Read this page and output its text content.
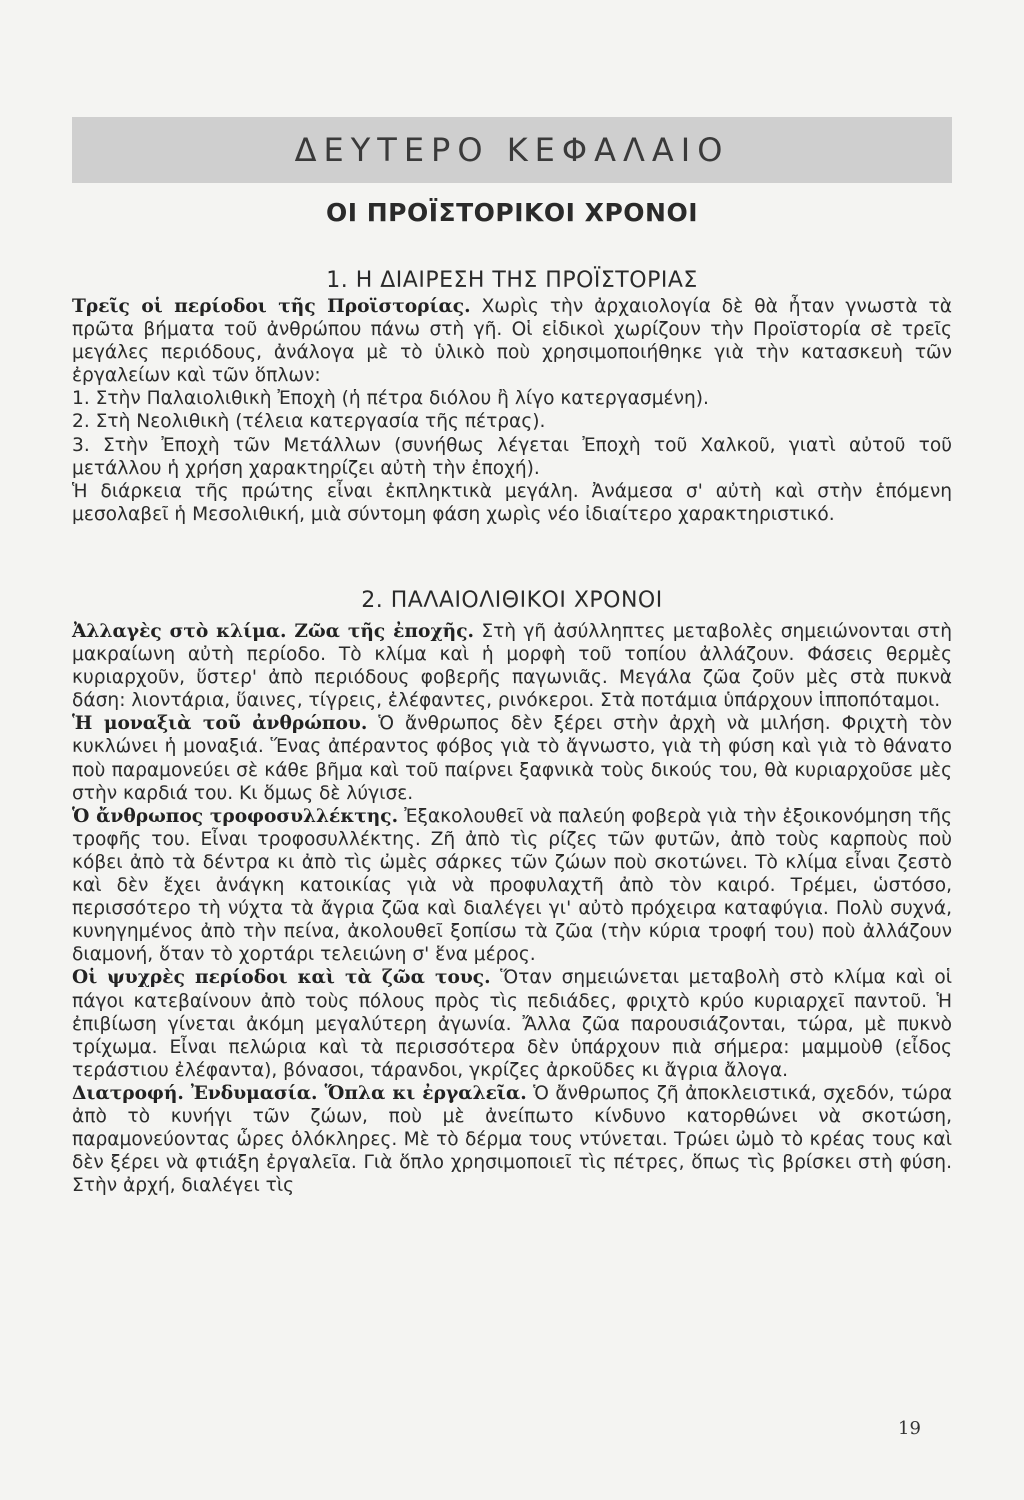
ΔΕΥΤΕΡΟ ΚΕΦΑΛΑΙΟ
ΟΙ ΠΡΟΪΣΤΟΡΙΚΟΙ ΧΡΟΝΟΙ
1. Η ΔΙΑΙΡΕΣΗ ΤΗΣ ΠΡΟΪΣΤΟΡΙΑΣ

Τρεῖς οἱ περίοδοι τῆς Προϊστορίας. Χωρὶς τὴν ἀρχαιολογία δὲ θὰ ἦταν γνωστὰ τὰ πρῶτα βήματα τοῦ ἀνθρώπου πάνω στὴ γῆ. Οἱ εἰδικοὶ χωρίζουν τὴν Προϊστορία σὲ τρεῖς μεγάλες περιόδους, ἀνάλογα μὲ τὸ ὑλικὸ ποὺ χρησιμοποιήθηκε γιὰ τὴν κατασκευὴ τῶν ἐργαλείων καὶ τῶν ὅπλων:

1. Στὴν Παλαιολιθικὴ Ἐποχὴ (ἡ πέτρα διόλου ἢ λίγο κατεργασμένη).

2. Στὴ Νεολιθικὴ (τέλεια κατεργασία τῆς πέτρας).

3. Στὴν Ἐποχὴ τῶν Μετάλλων (συνήθως λέγεται Ἐποχὴ τοῦ Χαλκοῦ, γιατὶ αὐτοῦ τοῦ μετάλλου ἡ χρήση χαρακτηρίζει αὐτὴ τὴν ἐποχή).

Ἡ διάρκεια τῆς πρώτης εἶναι ἐκπληκτικὰ μεγάλη. Ἀνάμεσα σ' αὐτὴ καὶ στὴν ἑπόμενη μεσολαβεῖ ἡ Μεσολιθική, μιὰ σύντομη φάση χωρὶς νέο ἰδιαίτερο χαρακτηριστικό.

2. ΠΑΛΑΙΟΛΙΘΙΚΟΙ ΧΡΟΝΟΙ

Ἀλλαγὲς στὸ κλίμα. Ζῶα τῆς ἐποχῆς. Στὴ γῆ ἀσύλληπτες μεταβολὲς σημειώνονται στὴ μακραίωνη αὐτὴ περίοδο. Τὸ κλίμα καὶ ἡ μορφὴ τοῦ τοπίου ἀλλάζουν. Φάσεις θερμὲς κυριαρχοῦν, ὕστερ' ἀπὸ περιόδους φοβερῆς παγωνιᾶς. Μεγάλα ζῶα ζοῦν μὲς στὰ πυκνὰ δάση: λιοντάρια, ὕαινες, τίγρεις, ἐλέφαντες, ρινόκεροι. Στὰ ποτάμια ὑπάρχουν ἱπποπόταμοι.

Ἡ μοναξιὰ τοῦ ἀνθρώπου. Ὁ ἄνθρωπος δὲν ξέρει στὴν ἀρχὴ νὰ μιλήση. Φριχτὴ τὸν κυκλώνει ἡ μοναξιά. Ἕνας ἀπέραντος φόβος γιὰ τὸ ἄγνωστο, γιὰ τὴ φύση καὶ γιὰ τὸ θάνατο ποὺ παραμονεύει σὲ κάθε βῆμα καὶ τοῦ παίρνει ξαφνικὰ τοὺς δικούς του, θὰ κυριαρχοῦσε μὲς στὴν καρδιά του. Κι ὅμως δὲ λύγισε.

Ὁ ἄνθρωπος τροφοσυλλέκτης. Ἐξακολουθεῖ νὰ παλεύη φοβερὰ γιὰ τὴν ἐξοικονόμηση τῆς τροφῆς του. Εἶναι τροφοσυλλέκτης. Ζῆ ἀπὸ τὶς ρίζες τῶν φυτῶν, ἀπὸ τοὺς καρποὺς ποὺ κόβει ἀπὸ τὰ δέντρα κι ἀπὸ τὶς ὠμὲς σάρκες τῶν ζώων ποὺ σκοτώνει. Τὸ κλίμα εἶναι ζεστὸ καὶ δὲν ἔχει ἀνάγκη κατοικίας γιὰ νὰ προφυλαχτῆ ἀπὸ τὸν καιρό. Τρέμει, ὡστόσο, περισσότερο τὴ νύχτα τὰ ἄγρια ζῶα καὶ διαλέγει γι' αὐτὸ πρόχειρα καταφύγια. Πολὺ συχνά, κυνηγημένος ἀπὸ τὴν πείνα, ἀκολουθεῖ ξοπίσω τὰ ζῶα (τὴν κύρια τροφή του) ποὺ ἀλλάζουν διαμονή, ὅταν τὸ χορτάρι τελειώνη σ' ἕνα μέρος.

Οἱ ψυχρὲς περίοδοι καὶ τὰ ζῶα τους. Ὅταν σημειώνεται μεταβολὴ στὸ κλίμα καὶ οἱ πάγοι κατεβαίνουν ἀπὸ τοὺς πόλους πρὸς τὶς πεδιάδες, φριχτὸ κρύο κυριαρχεῖ παντοῦ. Ἡ ἐπιβίωση γίνεται ἀκόμη μεγαλύτερη ἀγωνία. Ἄλλα ζῶα παρουσιάζονται, τώρα, μὲ πυκνὸ τρίχωμα. Εἶναι πελώρια καὶ τὰ περισσότερα δὲν ὑπάρχουν πιὰ σήμερα: μαμμοὺθ (εἶδος τεράστιου ἐλέφαντα), βόνασοι, τάρανδοι, γκρίζες ἀρκοῦδες κι ἄγρια ἄλογα.

Διατροφή. Ἐνδυμασία. Ὅπλα κι ἐργαλεῖα. Ὁ ἄνθρωπος ζῆ ἀποκλειστικά, σχεδόν, τώρα ἀπὸ τὸ κυνήγι τῶν ζώων, ποὺ μὲ ἀνείπωτο κίνδυνο κατορθώνει νὰ σκοτώση, παραμονεύοντας ὧρες ὁλόκληρες. Μὲ τὸ δέρμα τους ντύνεται. Τρώει ὠμὸ τὸ κρέας τους καὶ δὲν ξέρει νὰ φτιάξη ἐργαλεῖα. Γιὰ ὅπλο χρησιμοποιεῖ τὶς πέτρες, ὅπως τὶς βρίσκει στὴ φύση. Στὴν ἀρχή, διαλέγει τὶς

19
